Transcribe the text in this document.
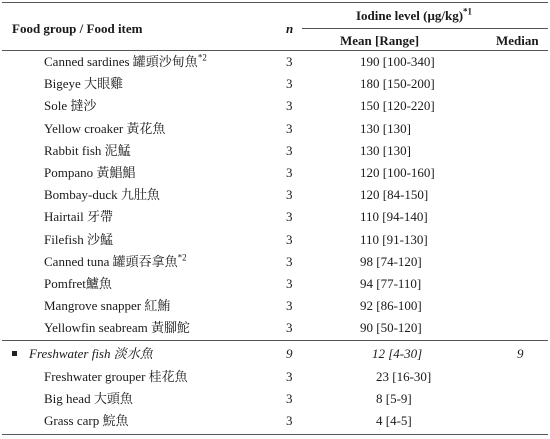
Food group / Food item	n
Iodine level $(\mu g/kg)^{*1}$
Mean [Range]	Median
Canned sardines 罐頭沙甸魚$^{*2}$	3	190 [100-340]
Bigeye 大眼雞	3	180 [150-200]
Sole 撻沙	3	150 [120-220]
Yellow croaker 黃花魚	3	130 [130]
Rabbit fish 泥鯭	3	130 [130]
Pompano 黃鯧鯧	3	120 [100-160]
Bombay-duck 九肚魚	3	120 [84-150]
Hairtail 牙帶	3	110 [94-140]
Filefish 沙鯭	3	110 [91-130]
Canned tuna 罐頭吞拿魚$^{*2}$	3	98 [74-120]
Pomfret鱸魚	3	94 [77-110]
Mangrove snapper 紅鮪	3	92 [86-100]
Yellowfin seabream 黃腳鮀	3	90 [50-120]
Freshwater fish 淡水魚	9	12 [4-30]	9
Freshwater grouper 桂花魚	3	23 [16-30]
Big head 大頭魚	3	8 [5-9]
Grass carp 鯇魚	3	4 [4-5]
